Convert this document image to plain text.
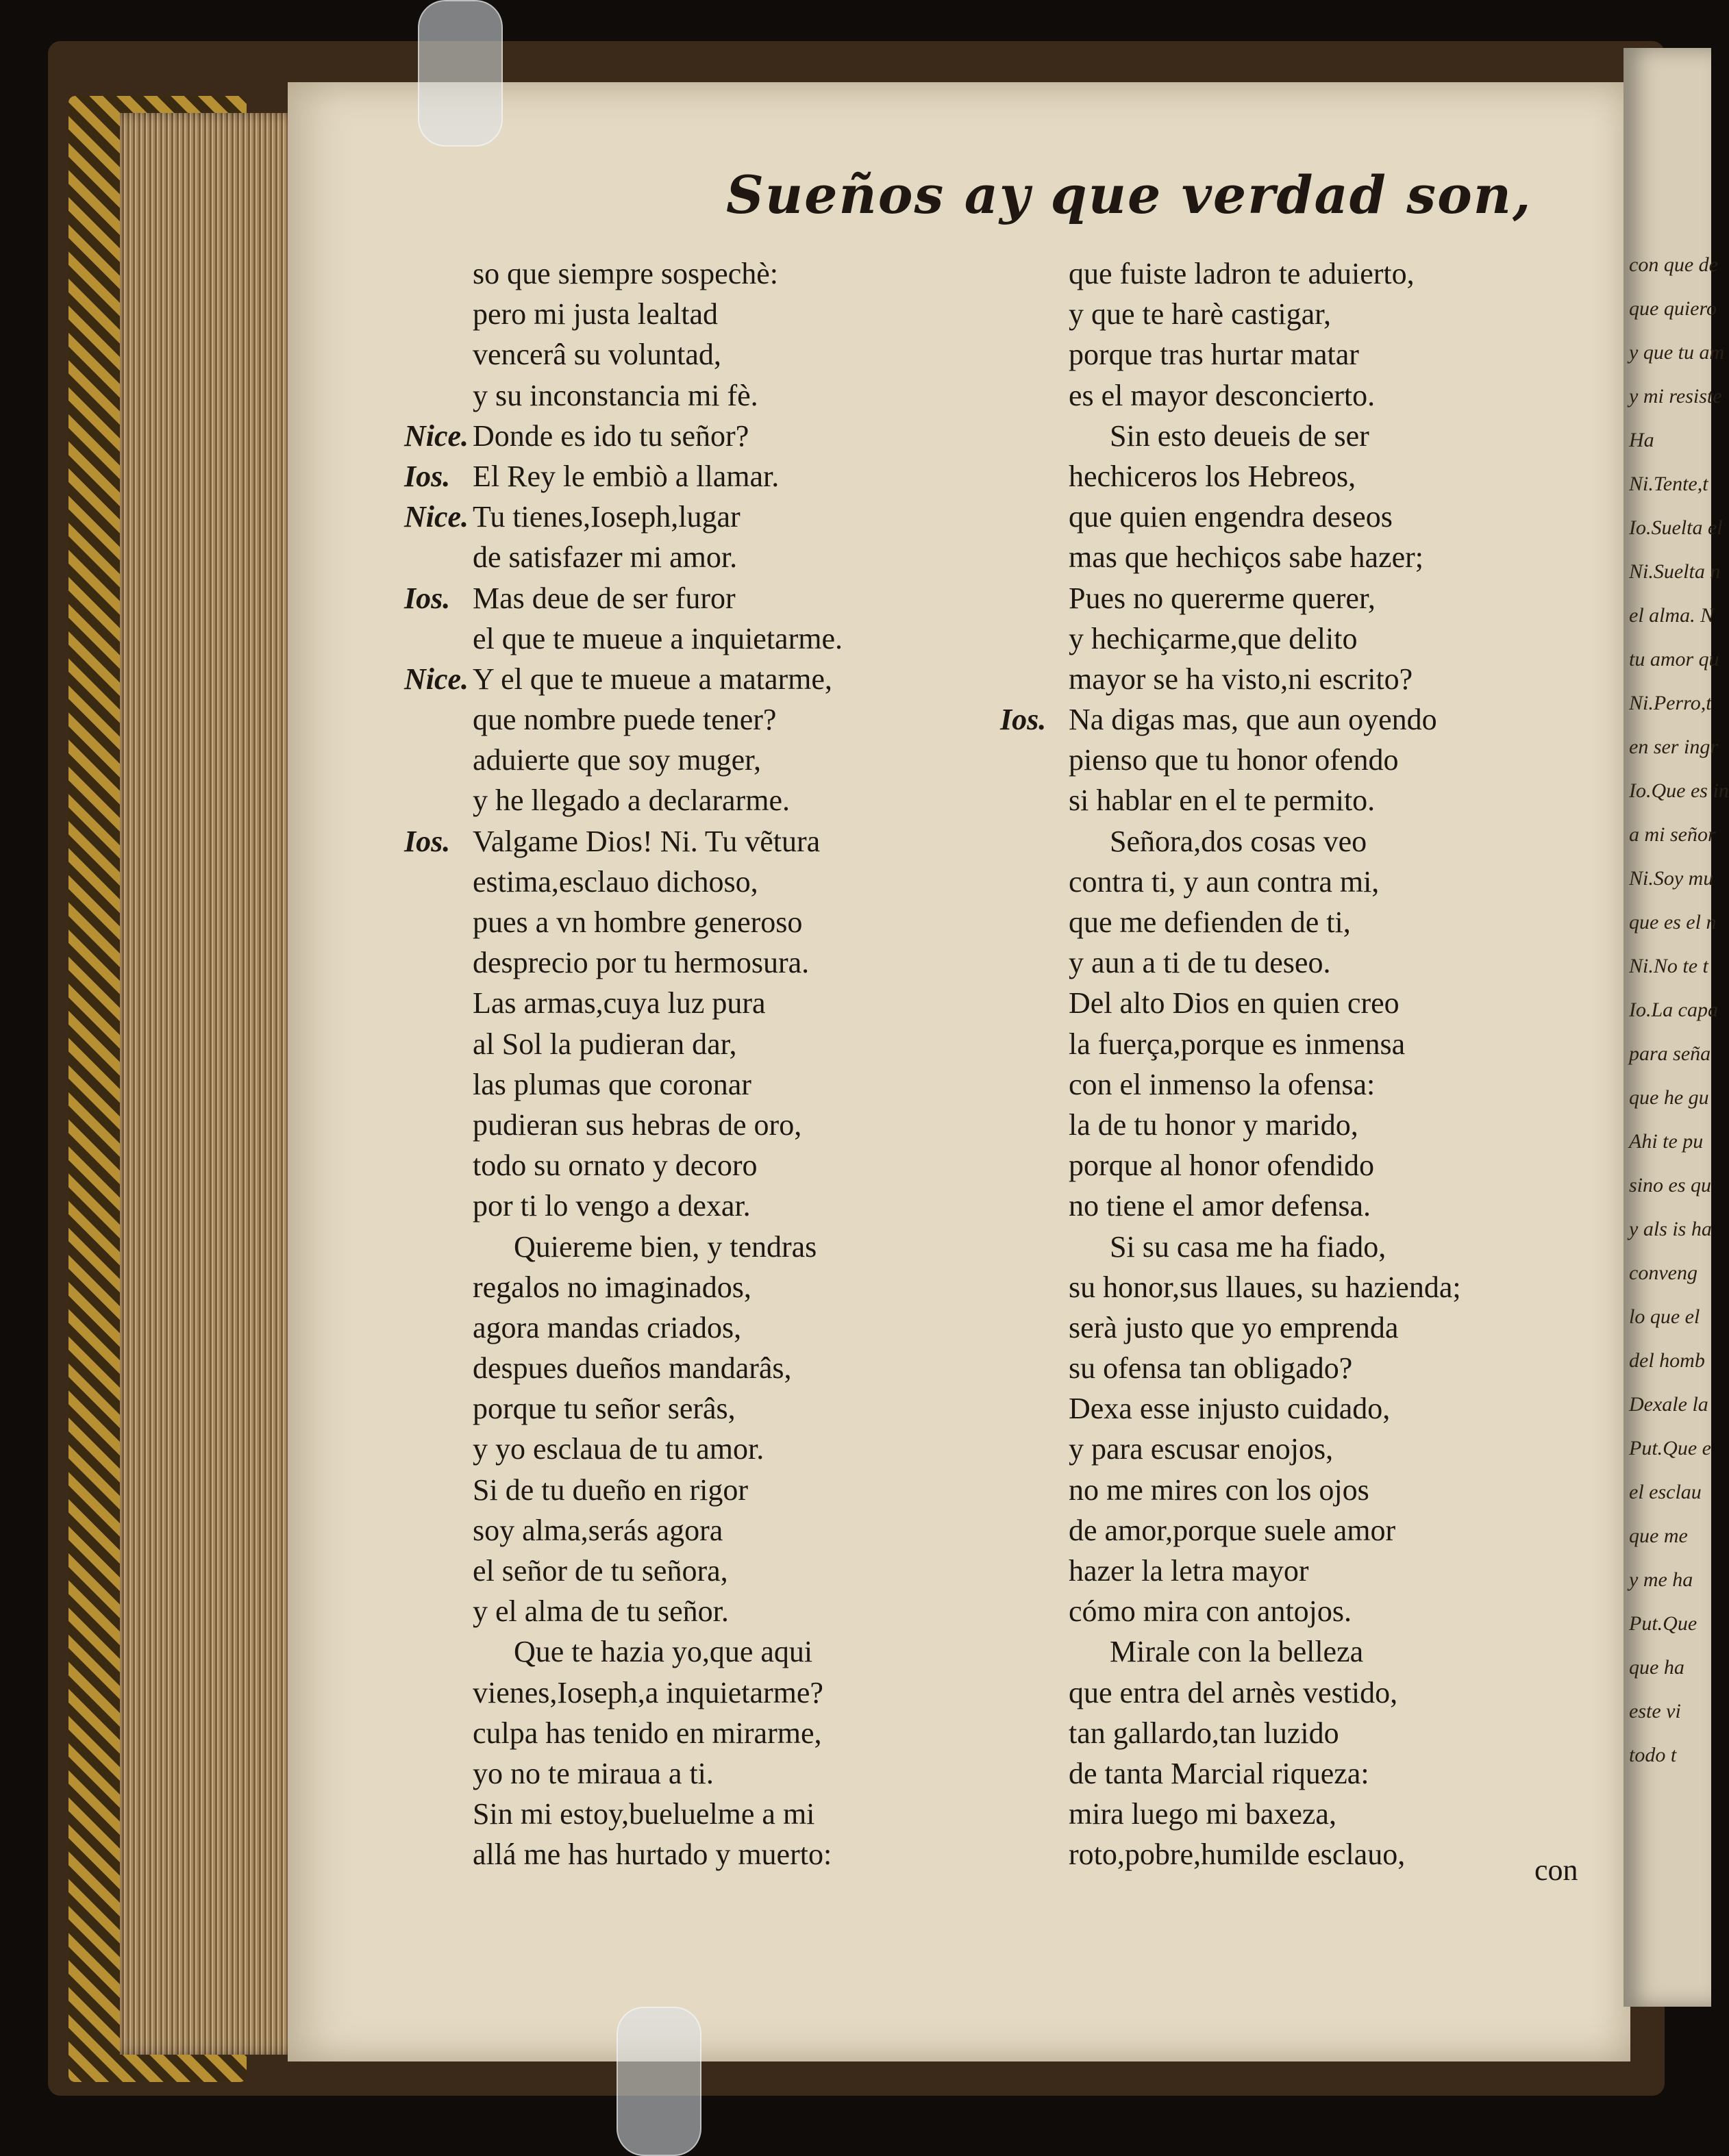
con que de
que quiero
y que tu am
y mi resiste
Ha
Ni.Tente,t
Io.Suelta el
Ni.Suelta n
el alma. N
tu amor qu
Ni.Perro,t
en ser ingr
Io.Que es in
a mi señor
Ni.Soy mu
que es el n
Ni.No te t
Io.La capa
para seña
que he gu
Ahi te pu
sino es qu
y als is ha
conveng
lo que el
del homb
Dexale la
Put.Que e
el esclau
que me
y me ha
Put.Que
que ha
este vi
todo t
Sueños ay que verdad son,
so que siempre sospechè:
pero mi justa lealtad
vencerâ su voluntad,
y su inconstancia mi fè.
Nice. Donde es ido tu señor?
Ios. El Rey le embiò a llamar.
Nice. Tu tienes,Ioseph,lugar
de satisfazer mi amor.
Ios. Mas deue de ser furor
el que te mueue a inquietarme.
Nice. Y el que te mueue a matarme,
que nombre puede tener?
aduierte que soy muger,
y he llegado a declararme.
Ios. Valgame Dios! Ni. Tu vẽtura
estima,esclauo dichoso,
pues a vn hombre generoso
desprecio por tu hermosura.
Las armas,cuya luz pura
al Sol la pudieran dar,
las plumas que coronar
pudieran sus hebras de oro,
todo su ornato y decoro
por ti lo vengo a dexar.
Quiereme bien, y tendras
regalos no imaginados,
agora mandas criados,
despues dueños mandarâs,
porque tu señor serâs,
y yo esclaua de tu amor.
Si de tu dueño en rigor
soy alma,serás agora
el señor de tu señora,
y el alma de tu señor.
Que te hazia yo,que aqui
vienes,Ioseph,a inquietarme?
culpa has tenido en mirarme,
yo no te miraua a ti.
Sin mi estoy,bueluelme a mi
allá me has hurtado y muerto:
que fuiste ladron te aduierto,
y que te harè castigar,
porque tras hurtar matar
es el mayor desconcierto.
Sin esto deueis de ser
hechiceros los Hebreos,
que quien engendra deseos
mas que hechiços sabe hazer;
Pues no quererme querer,
y hechiçarme,que delito
mayor se ha visto,ni escrito?
Ios. Na digas mas, que aun oyendo
pienso que tu honor ofendo
si hablar en el te permito.
Señora,dos cosas veo
contra ti, y aun contra mi,
que me defienden de ti,
y aun a ti de tu deseo.
Del alto Dios en quien creo
la fuerça,porque es inmensa
con el inmenso la ofensa:
la de tu honor y marido,
porque al honor ofendido
no tiene el amor defensa.
Si su casa me ha fiado,
su honor,sus llaues, su hazienda;
serà justo que yo emprenda
su ofensa tan obligado?
Dexa esse injusto cuidado,
y para escusar enojos,
no me mires con los ojos
de amor,porque suele amor
hazer la letra mayor
cómo mira con antojos.
Mirale con la belleza
que entra del arnès vestido,
tan gallardo,tan luzido
de tanta Marcial riqueza:
mira luego mi baxeza,
roto,pobre,humilde esclauo,	con
